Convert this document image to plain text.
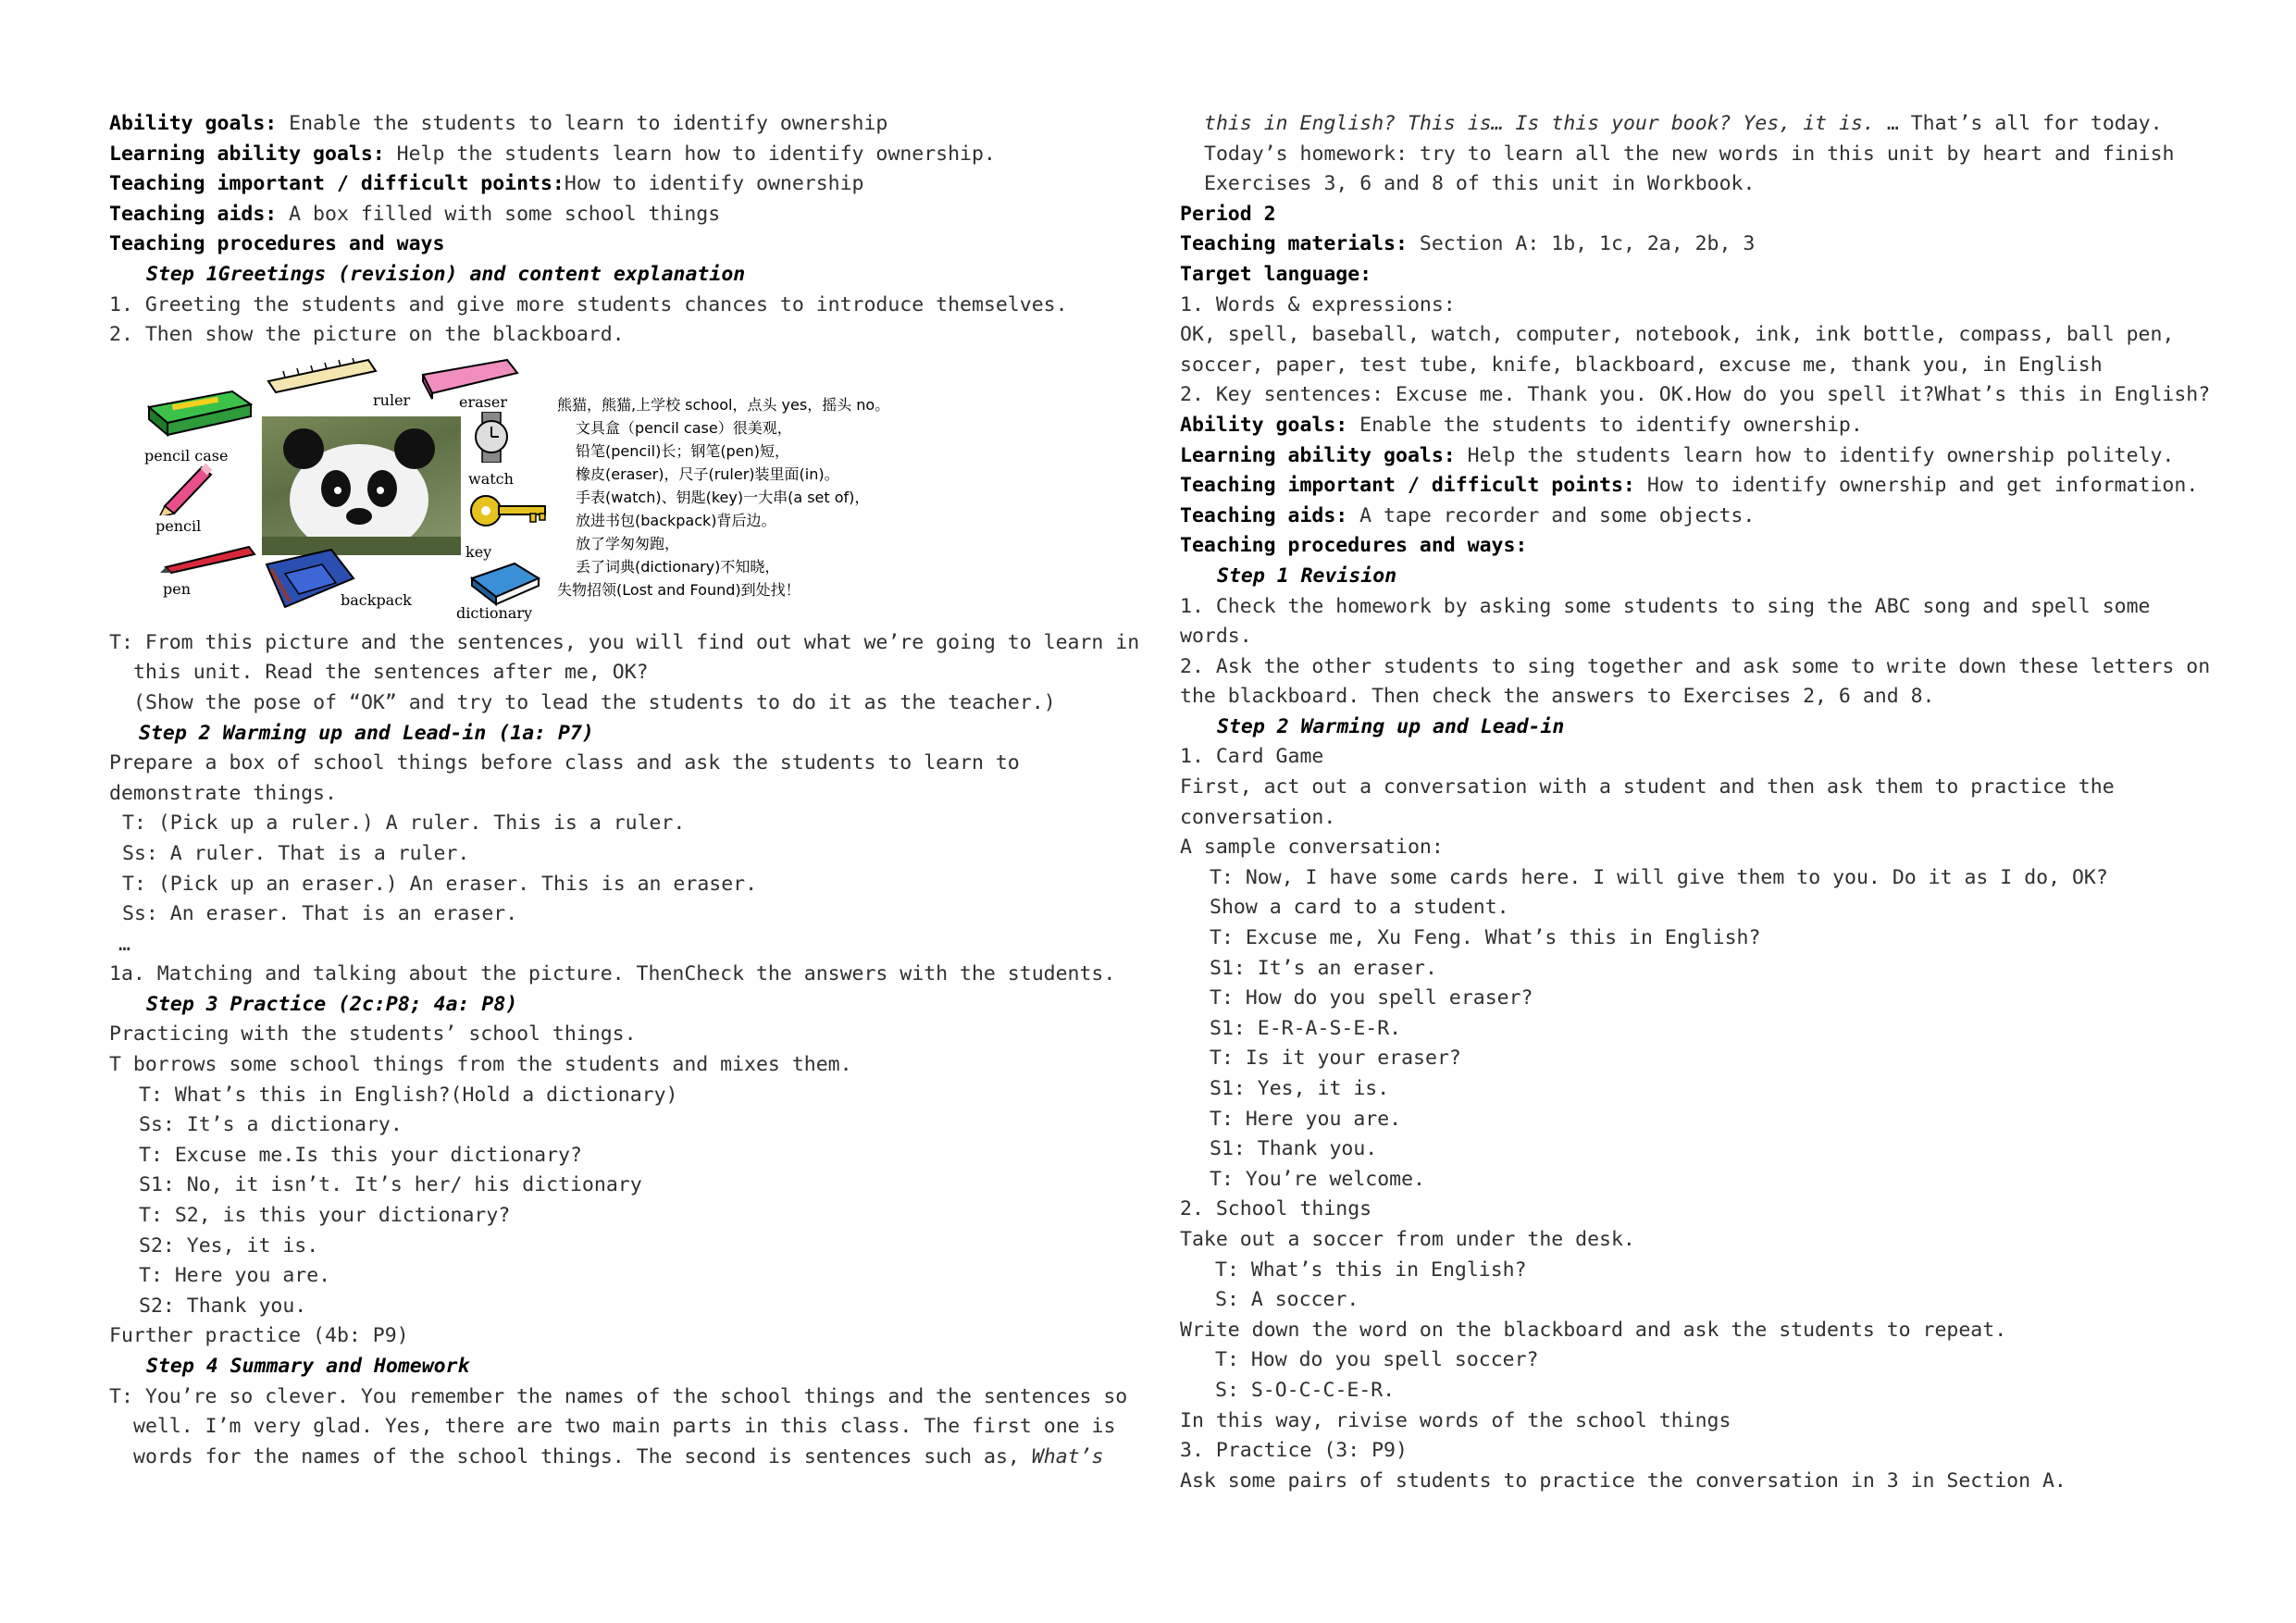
Ability goals: Enable the students to learn to identify ownership
Learning ability goals: Help the students learn how to identify ownership.
Teaching important / difficult points:How to identify ownership
Teaching aids: A box filled with some school things
Teaching procedures and ways
Step 1Greetings (revision) and content explanation
1. Greeting the students and give more students chances to introduce themselves.
2. Then show the picture on the blackboard.
pencil case
ruler	eraser
pencil
pen
watch
key
backpack
dictionary
熊猫，熊猫,上学校 school，点头 yes，摇头 no。
文具盒（pencil case）很美观，
铅笔(pencil)长；钢笔(pen)短，
橡皮(eraser)，尺子(ruler)装里面(in)。
手表(watch)、钥匙(key)一大串(a set of)，
放进书包(backpack)背后边。
放了学匆匆跑，
丢了词典(dictionary)不知晓，
失物招领(Lost and Found)到处找！
T: From this picture and the sentences, you will find out what we’re going to learn in
this unit. Read the sentences after me, OK?
(Show the pose of “OK” and try to lead the students to do it as the teacher.)
Step 2 Warming up and Lead-in (1a: P7)
Prepare a box of school things before class and ask the students to learn to
demonstrate things.
T: (Pick up a ruler.) A ruler. This is a ruler.
Ss: A ruler. That is a ruler.
T: (Pick up an eraser.) An eraser. This is an eraser.
Ss: An eraser. That is an eraser.
…
1a. Matching and talking about the picture. ThenCheck the answers with the students.
Step 3 Practice (2c:P8; 4a: P8)
Practicing with the students’ school things.
T borrows some school things from the students and mixes them.
T: What’s this in English?(Hold a dictionary)
Ss: It’s a dictionary.
T: Excuse me.Is this your dictionary?
S1: No, it isn’t. It’s her/ his dictionary
T: S2, is this your dictionary?
S2: Yes, it is.
T: Here you are.
S2: Thank you.
Further practice (4b: P9)
Step 4 Summary and Homework
T: You’re so clever. You remember the names of the school things and the sentences so
well. I’m very glad. Yes, there are two main parts in this class. The first one is
words for the names of the school things. The second is sentences such as, What’s
this in English? This is… Is this your book? Yes, it is. … That’s all for today.
Today’s homework: try to learn all the new words in this unit by heart and finish
Exercises 3, 6 and 8 of this unit in Workbook.
Period 2
Teaching materials: Section A: 1b, 1c, 2a, 2b, 3
Target language:
1. Words & expressions:
OK, spell, baseball, watch, computer, notebook, ink, ink bottle, compass, ball pen,
soccer, paper, test tube, knife, blackboard, excuse me, thank you, in English
2. Key sentences: Excuse me. Thank you. OK.How do you spell it?What’s this in English?
Ability goals: Enable the students to identify ownership.
Learning ability goals: Help the students learn how to identify ownership politely.
Teaching important / difficult points: How to identify ownership and get information.
Teaching aids: A tape recorder and some objects.
Teaching procedures and ways:
Step 1 Revision
1. Check the homework by asking some students to sing the ABC song and spell some
words.
2. Ask the other students to sing together and ask some to write down these letters on
the blackboard. Then check the answers to Exercises 2, 6 and 8.
Step 2 Warming up and Lead-in
1. Card Game
First, act out a conversation with a student and then ask them to practice the
conversation.
A sample conversation:
T: Now, I have some cards here. I will give them to you. Do it as I do, OK?
Show a card to a student.
T: Excuse me, Xu Feng. What’s this in English?
S1: It’s an eraser.
T: How do you spell eraser?
S1: E-R-A-S-E-R.
T: Is it your eraser?
S1: Yes, it is.
T: Here you are.
S1: Thank you.
T: You’re welcome.
2. School things
Take out a soccer from under the desk.
T: What’s this in English?
S: A soccer.
Write down the word on the blackboard and ask the students to repeat.
T: How do you spell soccer?
S: S-O-C-C-E-R.
In this way, rivise words of the school things
3. Practice (3: P9)
Ask some pairs of students to practice the conversation in 3 in Section A.
